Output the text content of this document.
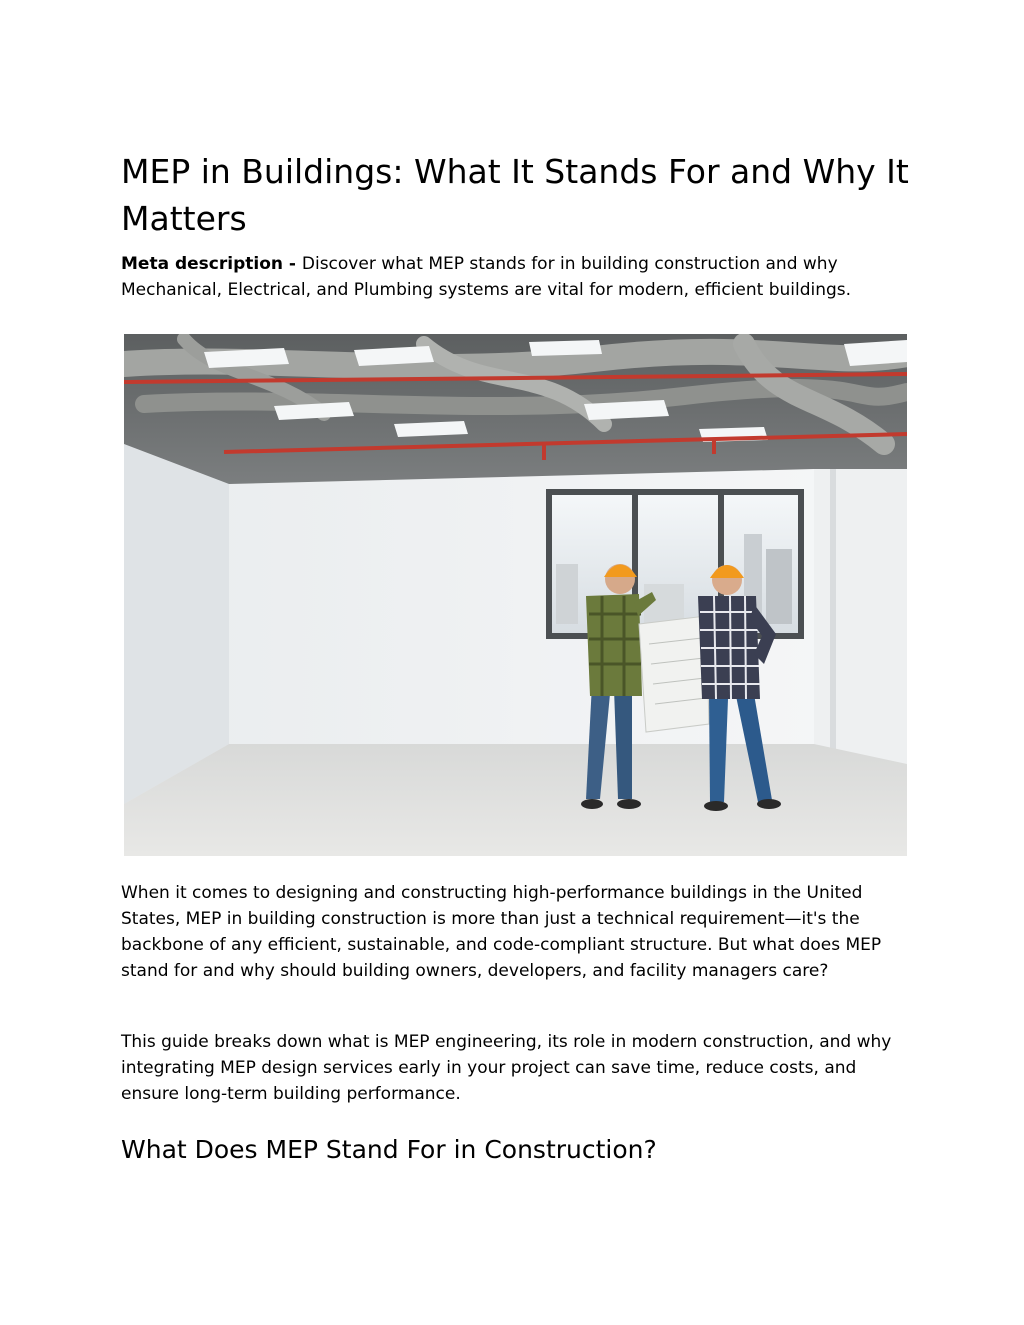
MEP in Buildings: What It Stands For and Why It Matters

Meta description - Discover what MEP stands for in building construction and why Mechanical, Electrical, and Plumbing systems are vital for modern, efficient buildings.

When it comes to designing and constructing high-performance buildings in the United States, MEP in building construction is more than just a technical requirement—it's the backbone of any efficient, sustainable, and code-compliant structure. But what does MEP stand for and why should building owners, developers, and facility managers care?

This guide breaks down what is MEP engineering, its role in modern construction, and why integrating MEP design services early in your project can save time, reduce costs, and ensure long-term building performance.

What Does MEP Stand For in Construction?
